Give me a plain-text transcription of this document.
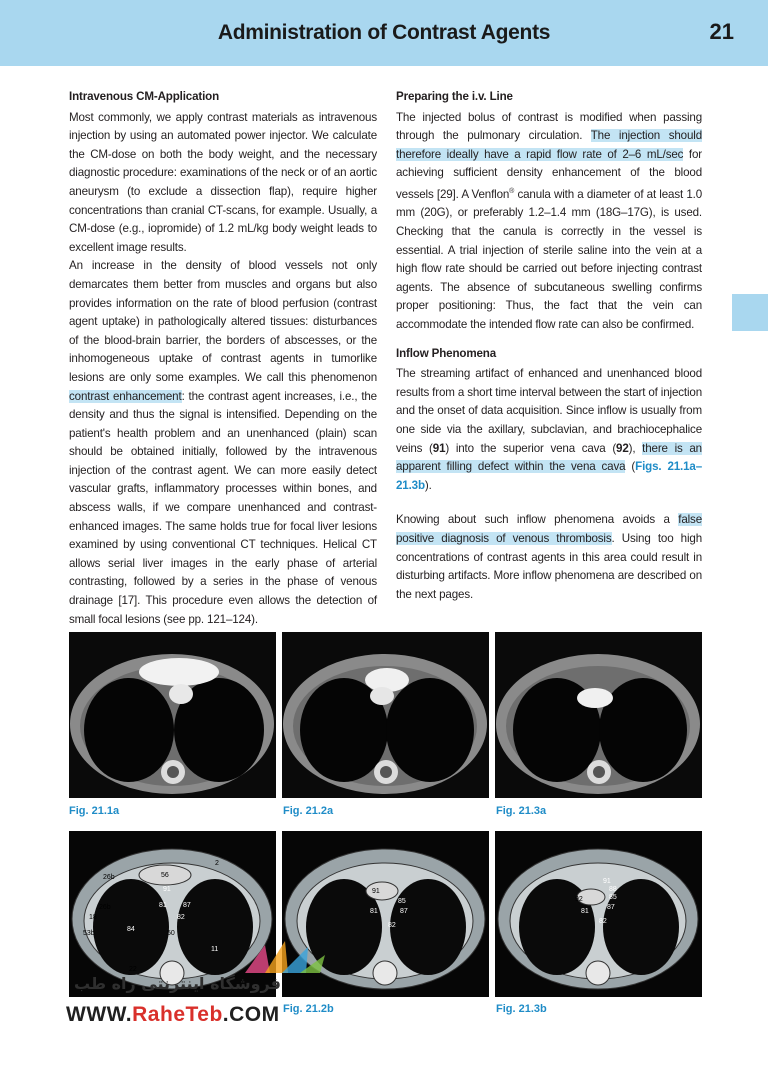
Administration of Contrast Agents	21
Intravenous CM-Application

Most commonly, we apply contrast materials as intravenous injection by using an automated power injector. We calculate the CM-dose on both the body weight, and the necessary diagnostic procedure: examinations of the neck or of an aortic aneurysm (to exclude a dissection flap), require higher concentrations than cranial CT-scans, for example. Usually, a CM-dose (e.g., iopromide) of 1.2 mL/kg body weight leads to excellent image results.

An increase in the density of blood vessels not only demarcates them better from muscles and organs but also provides information on the rate of blood perfusion (contrast agent uptake) in pathologically altered tissues: disturbances of the blood-brain barrier, the borders of abscesses, or the inhomogeneous uptake of contrast agents in tumorlike lesions are only some examples. We call this phenomenon contrast enhancement: the contrast agent increases, i.e., the density and thus the signal is intensified. Depending on the patient's health problem and an unenhanced (plain) scan should be obtained initially, followed by the intravenous injection of the contrast agent. We can more easily detect vascular grafts, inflammatory processes within bones, and abscess walls, if we compare unenhanced and contrast-enhanced images. The same holds true for focal liver lesions examined by using conventional CT techniques. Helical CT allows serial liver images in the early phase of arterial contrasting, followed by a series in the phase of venous drainage [17]. This procedure even allows the detection of small focal lesions (see pp. 121–124).

Preparing the i.v. Line

The injected bolus of contrast is modified when passing through the pulmonary circulation. The injection should therefore ideally have a rapid flow rate of 2–6 mL/sec for achieving sufficient density enhancement of the blood vessels [29]. A Venflon® canula with a diameter of at least 1.0 mm (20G), or preferably 1.2–1.4 mm (18G–17G), is used. Checking that the canula is correctly in the vessel is essential. A trial injection of sterile saline into the vein at a high flow rate should be carried out before injecting contrast agents. The absence of subcutaneous swelling confirms proper positioning: Thus, the fact that the vein can accommodate the intended flow rate can also be confirmed.

Inflow Phenomena

The streaming artifact of enhanced and unenhanced blood results from a short time interval between the start of injection and the onset of data acquisition. Since inflow is usually from one side via the axillary, subclavian, and brachiocephalice veins (91) into the superior vena cava (92), there is an apparent filling defect within the vena cava (Figs. 21.1a–21.3b).

Knowing about such inflow phenomena avoids a false positive diagnosis of venous thrombosis. Using too high concentrations of contrast agents in this area could result in disturbing artifacts. More inflow phenomena are described on the next pages.

Fig. 21.1a	Fig. 21.2a	Fig. 21.3a
2
26b	56
91
26b	81 87
82
18
53b
84
50
11
22
91
85
81	87
82
91
88
85
92
87
81
82
Fig. 21.2b	Fig. 21.3b
فروشگاه اینترنتی راه طب
WWW.RaheTeb.COM
